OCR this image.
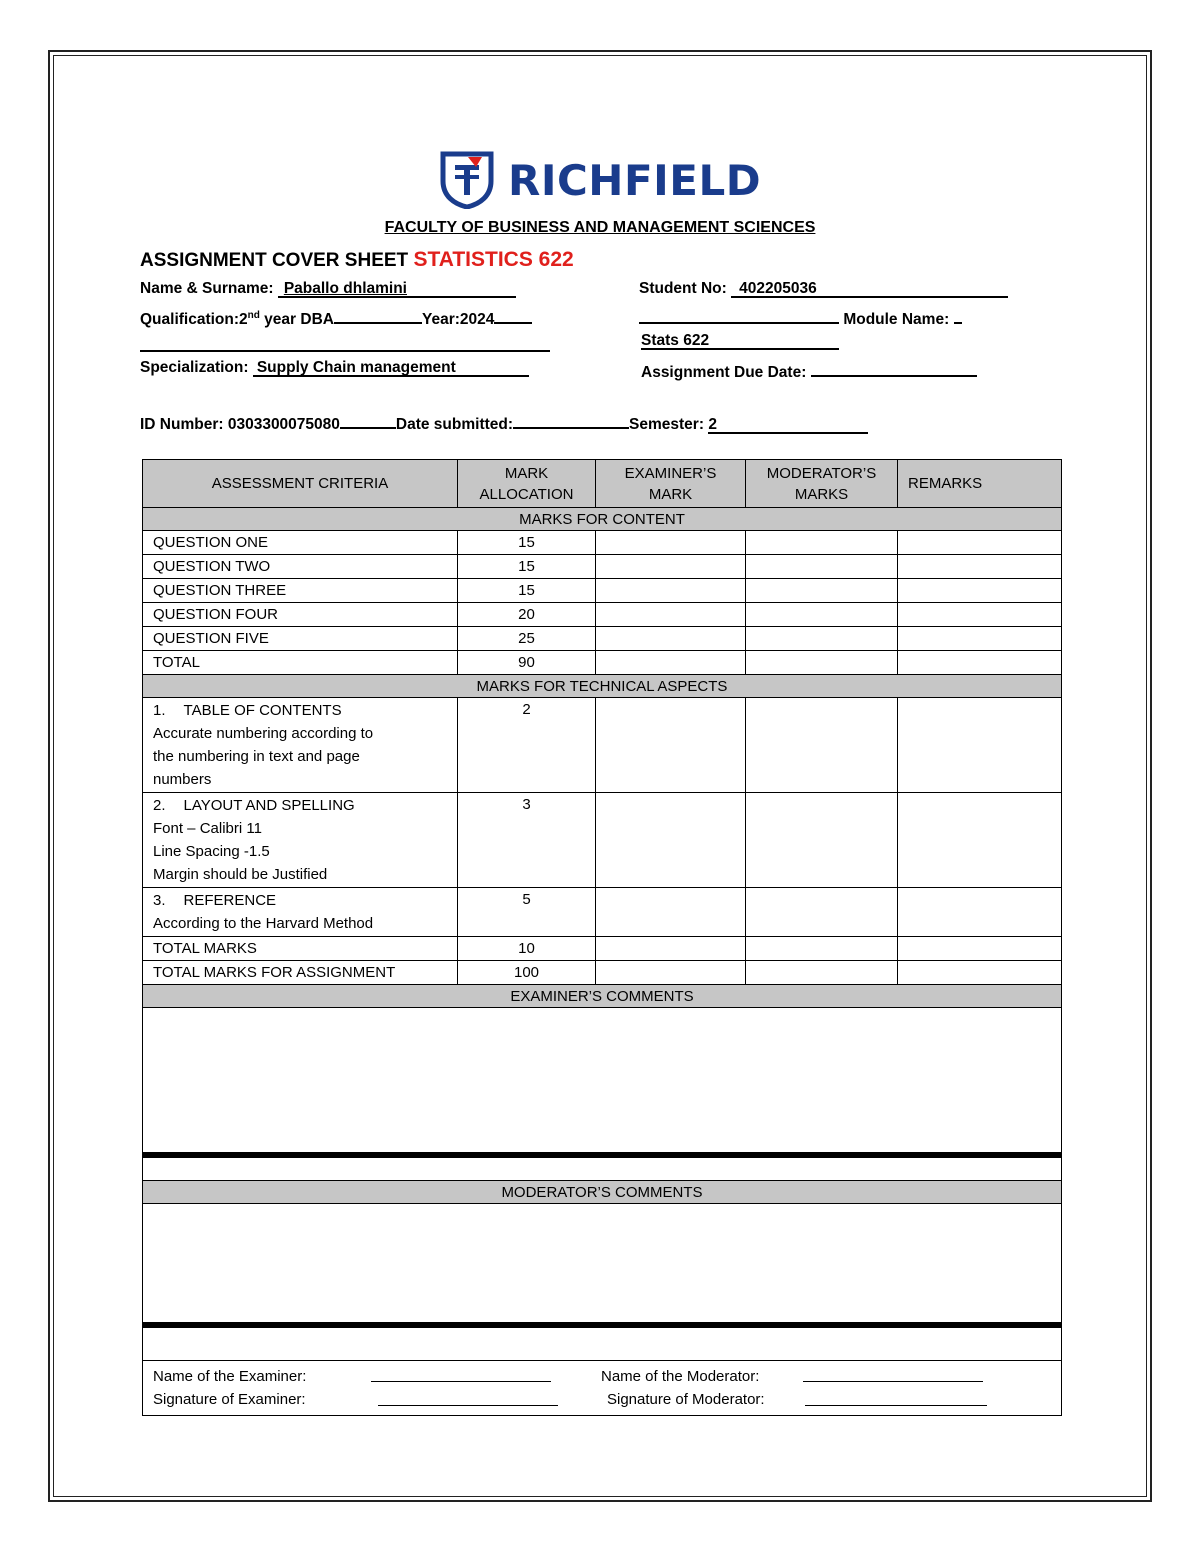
RICHFIELD
FACULTY OF BUSINESS AND MANAGEMENT SCIENCES
ASSIGNMENT COVER SHEET STATISTICS 622
Name & Surname: Paballo dhlamini	Student No: 402205036
Qualification:2nd year DBA	Year:2024	Module Name:
Stats 622
Specialization: Supply Chain management	Assignment Due Date:
ID Number: 0303300075080	Date submitted:	Semester: 2
ASSESSMENT CRITERIA	MARK ALLOCATION	EXAMINER’S MARK	MODERATOR’S MARKS	REMARKS
MARKS FOR CONTENT				
QUESTION ONE	15			
QUESTION TWO	15			
QUESTION THREE	15			
QUESTION FOUR	20			
QUESTION FIVE	25			
TOTAL	90			
MARKS FOR TECHNICAL ASPECTS				

1. TABLE OF CONTENTS
Accurate numbering according to
the numbering in text and page
numbers	2			

2. LAYOUT AND SPELLING
Font – Calibri 11
Line Spacing -1.5
Margin should be Justified	3			

3. REFERENCE
According to the Harvard Method	5			
TOTAL MARKS	10			
TOTAL MARKS FOR ASSIGNMENT	100			
EXAMINER’S COMMENTS				

MODERATOR’S COMMENTS				

Name of the Examiner:
Signature of Examiner:
Name of the Moderator:
Signature of Moderator:				
